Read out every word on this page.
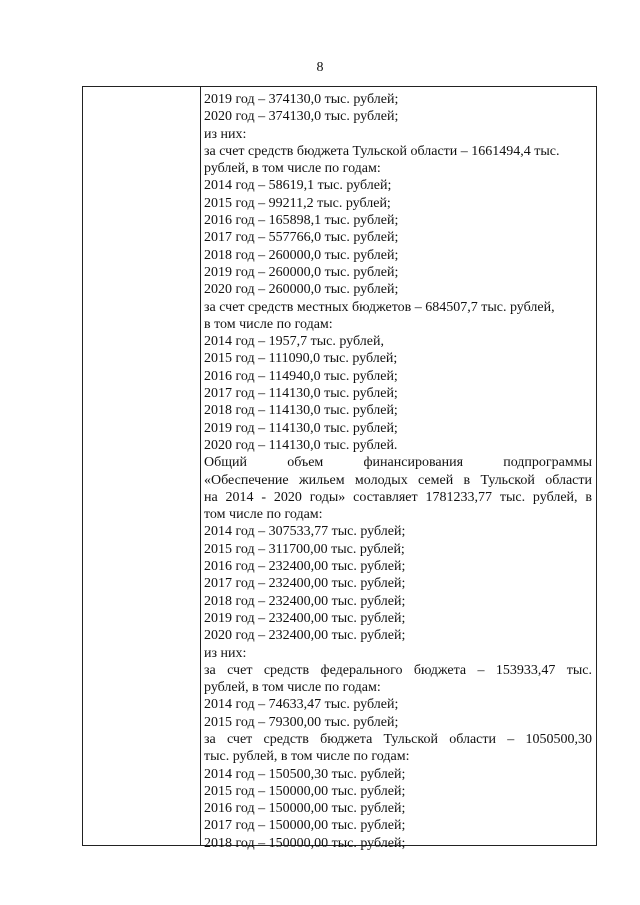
8
2019 год – 374130,0 тыс. рублей;
2020 год – 374130,0 тыс. рублей;
из них:
за счет средств бюджета Тульской области – 1661494,4 тыс.
рублей, в том числе по годам:
2014 год – 58619,1 тыс. рублей;
2015 год – 99211,2 тыс. рублей;
2016 год – 165898,1 тыс. рублей;
2017 год – 557766,0 тыс. рублей;
2018 год – 260000,0 тыс. рублей;
2019 год – 260000,0 тыс. рублей;
2020 год – 260000,0 тыс. рублей;
за счет средств местных бюджетов – 684507,7 тыс. рублей,
в том числе по годам:
2014 год – 1957,7 тыс. рублей,
2015 год – 111090,0 тыс. рублей;
2016 год – 114940,0 тыс. рублей;
2017 год – 114130,0 тыс. рублей;
2018 год – 114130,0 тыс. рублей;
2019 год – 114130,0 тыс. рублей;
2020 год – 114130,0 тыс. рублей.
Общий объем финансирования подпрограммы
«Обеспечение жильем молодых семей в Тульской области
на 2014 - 2020 годы» составляет 1781233,77 тыс. рублей, в
том числе по годам:
2014 год – 307533,77 тыс. рублей;
2015 год – 311700,00 тыс. рублей;
2016 год – 232400,00 тыс. рублей;
2017 год – 232400,00 тыс. рублей;
2018 год – 232400,00 тыс. рублей;
2019 год – 232400,00 тыс. рублей;
2020 год – 232400,00 тыс. рублей;
из них:
за счет средств федерального бюджета – 153933,47 тыс.
рублей, в том числе по годам:
2014 год – 74633,47 тыс. рублей;
2015 год – 79300,00 тыс. рублей;
за счет средств бюджета Тульской области – 1050500,30
тыс. рублей, в том числе по годам:
2014 год – 150500,30 тыс. рублей;
2015 год – 150000,00 тыс. рублей;
2016 год – 150000,00 тыс. рублей;
2017 год – 150000,00 тыс. рублей;
2018 год – 150000,00 тыс. рублей;
